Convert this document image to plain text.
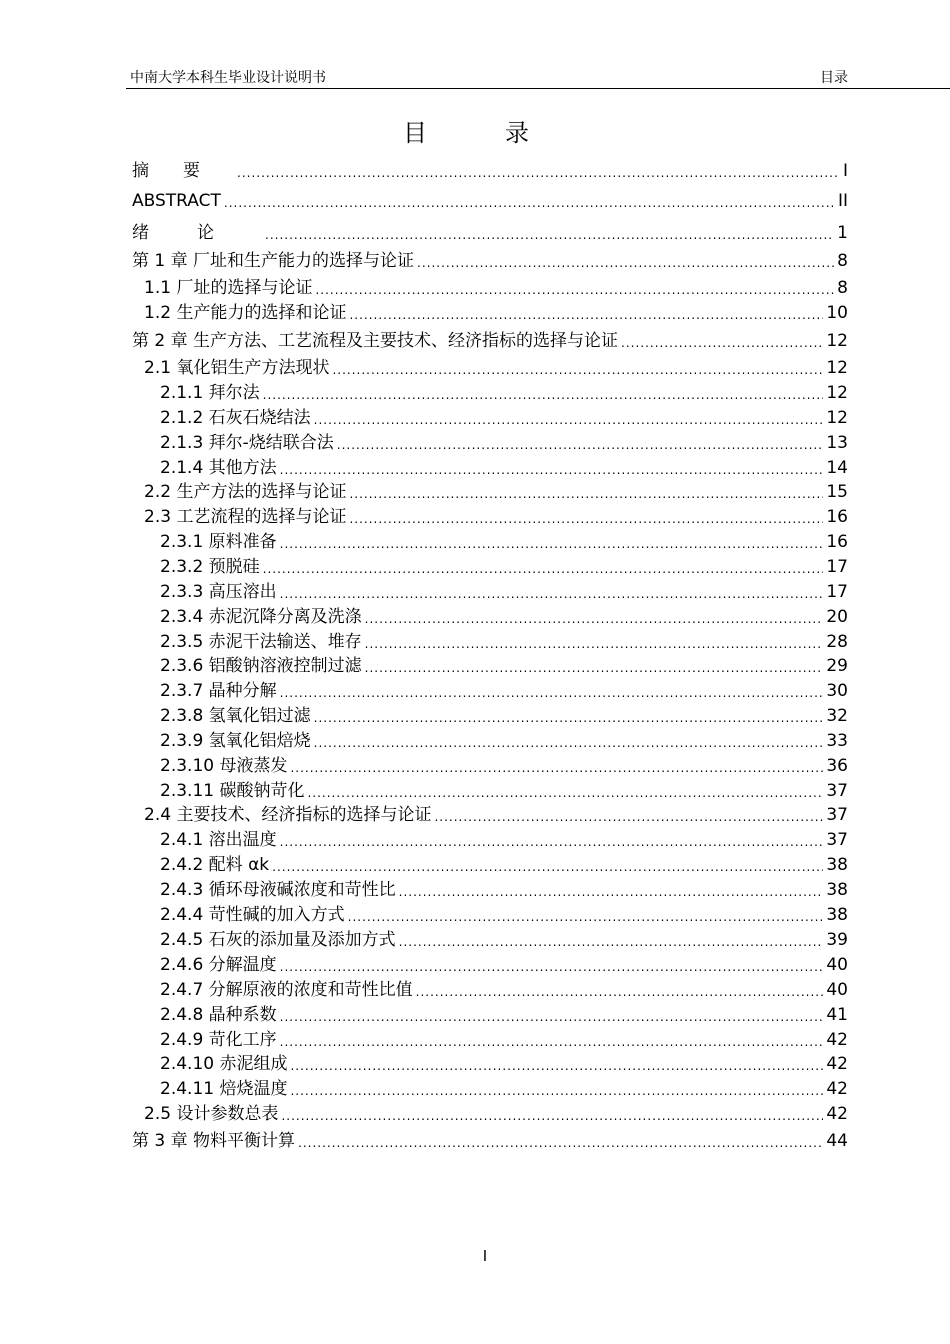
中南大学本科生毕业设计说明书	目录
目录
摘要 .....	I
ABSTRACT .....	II
绪论 .....	1
第 1 章 厂址和生产能力的选择与论证 .....	8
1.1 厂址的选择与论证 .....	8
1.2 生产能力的选择和论证 .....	10
第 2 章 生产方法、工艺流程及主要技术、经济指标的选择与论证 .....	12
2.1 氧化铝生产方法现状 .....	12
2.1.1 拜尔法 .....	12
2.1.2 石灰石烧结法 .....	12
2.1.3 拜尔-烧结联合法 .....	13
2.1.4 其他方法 .....	14
2.2 生产方法的选择与论证 .....	15
2.3 工艺流程的选择与论证 .....	16
2.3.1 原料准备 .....	16
2.3.2 预脱硅 .....	17
2.3.3 高压溶出 .....	17
2.3.4 赤泥沉降分离及洗涤 .....	20
2.3.5 赤泥干法输送、堆存 .....	28
2.3.6 铝酸钠溶液控制过滤 .....	29
2.3.7 晶种分解 .....	30
2.3.8 氢氧化铝过滤 .....	32
2.3.9 氢氧化铝焙烧 .....	33
2.3.10 母液蒸发 .....	36
2.3.11 碳酸钠苛化 .....	37
2.4 主要技术、经济指标的选择与论证 .....	37
2.4.1 溶出温度 .....	37
2.4.2 配料 αk .....	38
2.4.3 循环母液碱浓度和苛性比 .....	38
2.4.4 苛性碱的加入方式 .....	38
2.4.5 石灰的添加量及添加方式 .....	39
2.4.6 分解温度 .....	40
2.4.7 分解原液的浓度和苛性比值 .....	40
2.4.8 晶种系数 .....	41
2.4.9 苛化工序 .....	42
2.4.10 赤泥组成 .....	42
2.4.11 焙烧温度 .....	42
2.5 设计参数总表 .....	42
第 3 章 物料平衡计算 .....	44
I
